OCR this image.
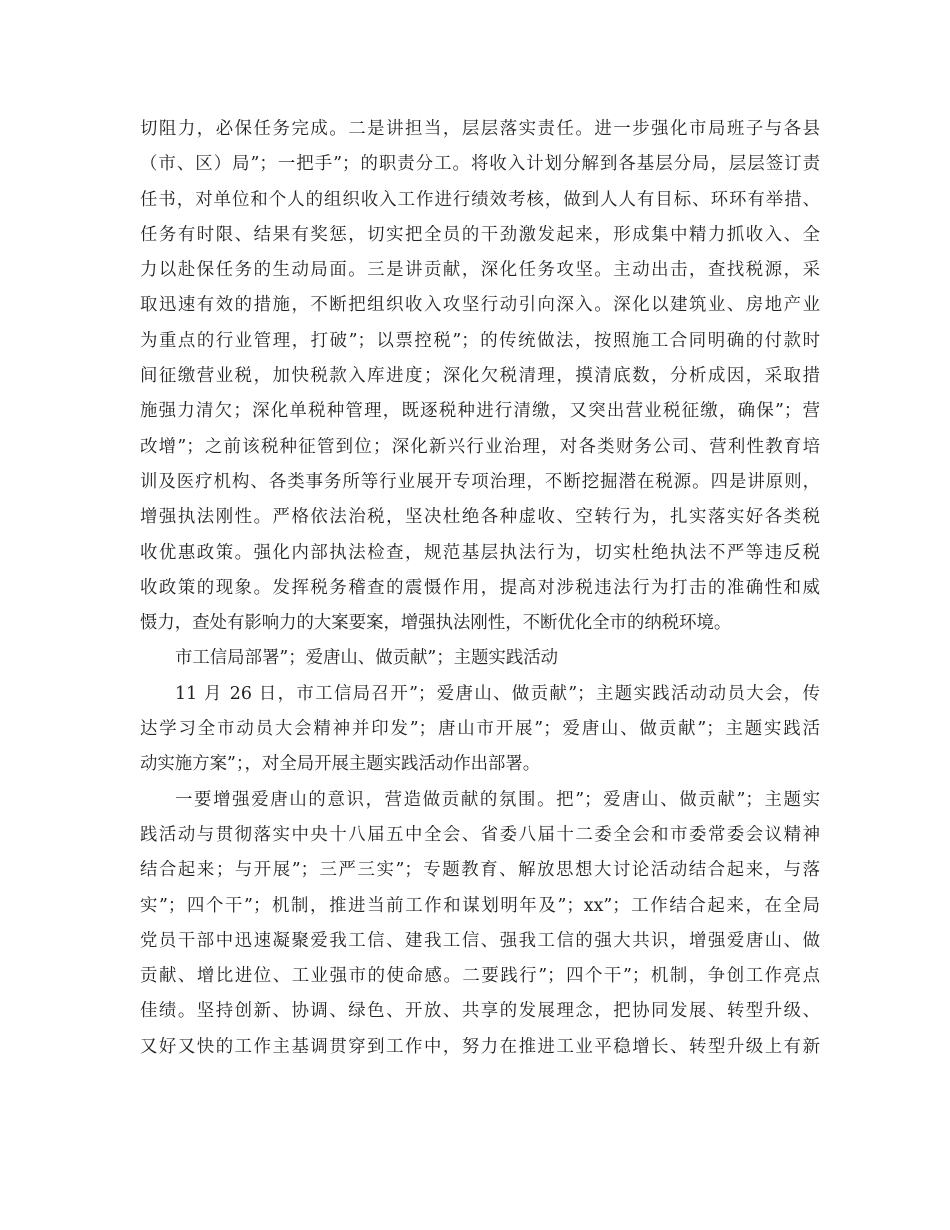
切阻力，必保任务完成。二是讲担当，层层落实责任。进一步强化市局班子与各县
（市、区）局”；一把手”；的职责分工。将收入计划分解到各基层分局，层层签订责
任书，对单位和个人的组织收入工作进行绩效考核，做到人人有目标、环环有举措、
任务有时限、结果有奖惩，切实把全员的干劲激发起来，形成集中精力抓收入、全
力以赴保任务的生动局面。三是讲贡献，深化任务攻坚。主动出击，查找税源，采
取迅速有效的措施，不断把组织收入攻坚行动引向深入。深化以建筑业、房地产业
为重点的行业管理，打破”；以票控税”；的传统做法，按照施工合同明确的付款时
间征缴营业税，加快税款入库进度；深化欠税清理，摸清底数，分析成因，采取措
施强力清欠；深化单税种管理，既逐税种进行清缴，又突出营业税征缴，确保”；营
改增”；之前该税种征管到位；深化新兴行业治理，对各类财务公司、营利性教育培
训及医疗机构、各类事务所等行业展开专项治理，不断挖掘潜在税源。四是讲原则，
增强执法刚性。严格依法治税，坚决杜绝各种虚收、空转行为，扎实落实好各类税
收优惠政策。强化内部执法检查，规范基层执法行为，切实杜绝执法不严等违反税
收政策的现象。发挥税务稽查的震慑作用，提高对涉税违法行为打击的准确性和威
慑力，查处有影响力的大案要案，增强执法刚性，不断优化全市的纳税环境。
市工信局部署”；爱唐山、做贡献”；主题实践活动
11 月 26 日，市工信局召开”；爱唐山、做贡献”；主题实践活动动员大会，传
达学习全市动员大会精神并印发”；唐山市开展”；爱唐山、做贡献”；主题实践活
动实施方案”；，对全局开展主题实践活动作出部署。
一要增强爱唐山的意识，营造做贡献的氛围。把”；爱唐山、做贡献”；主题实
践活动与贯彻落实中央十八届五中全会、省委八届十二委全会和市委常委会议精神
结合起来；与开展”；三严三实”；专题教育、解放思想大讨论活动结合起来，与落
实”；四个干”；机制，推进当前工作和谋划明年及”；xx”；工作结合起来，在全局
党员干部中迅速凝聚爱我工信、建我工信、强我工信的强大共识，增强爱唐山、做
贡献、增比进位、工业强市的使命感。二要践行”；四个干”；机制，争创工作亮点
佳绩。坚持创新、协调、绿色、开放、共享的发展理念，把协同发展、转型升级、
又好又快的工作主基调贯穿到工作中，努力在推进工业平稳增长、转型升级上有新
